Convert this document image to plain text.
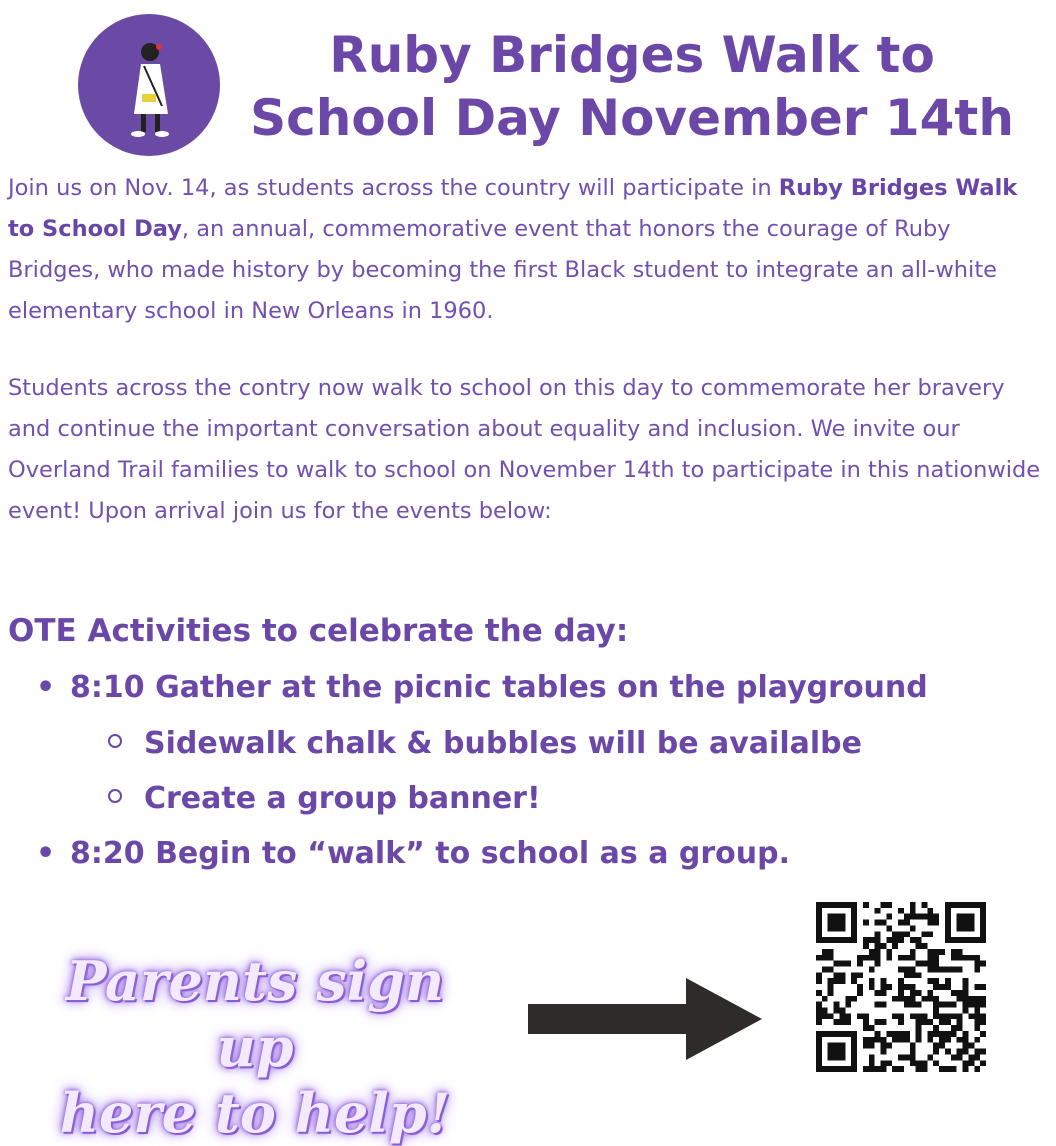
Ruby Bridges Walk to
School Day November 14th

Join us on Nov. 14, as students across the country will participate in Ruby Bridges Walk to School Day, an annual, commemorative event that honors the courage of Ruby Bridges, who made history by becoming the first Black student to integrate an all-white elementary school in New Orleans in 1960.

Students across the contry now walk to school on this day to commemorate her bravery and continue the important conversation about equality and inclusion. We invite our Overland Trail families to walk to school on November 14th to participate in this nationwide event! Upon arrival join us for the events below:

OTE Activities to celebrate the day:
• 8:10 Gather at the picnic tables on the playground
Sidewalk chalk & bubbles will be availalbe
Create a group banner!
• 8:20 Begin to “walk” to school as a group.
Parents sign up
here to help!
